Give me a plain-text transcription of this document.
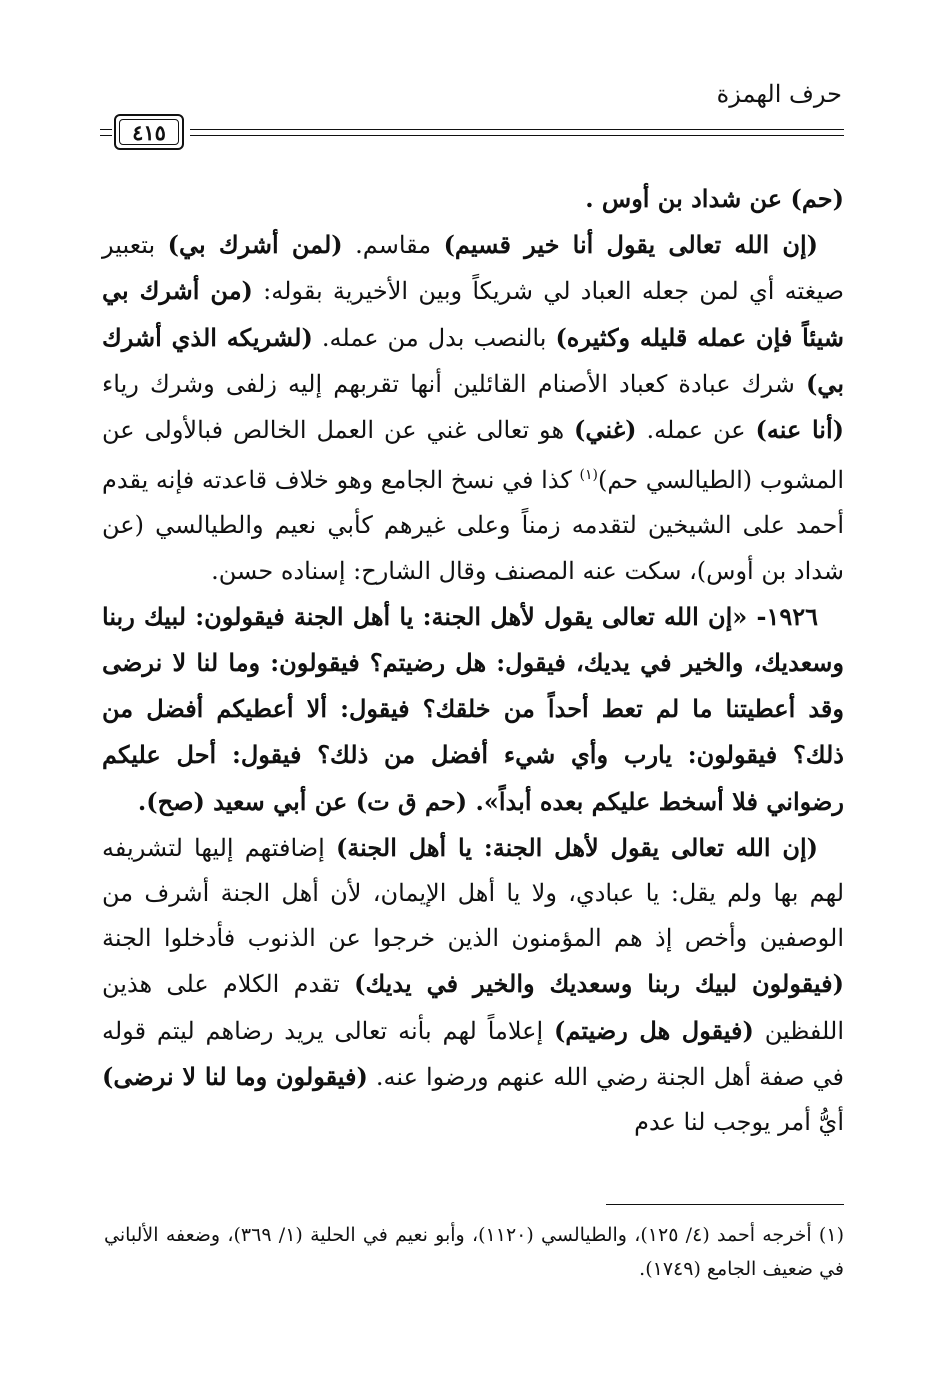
حرف الهمزة
٤١٥

(حم) عن شداد بن أوس .

(إن الله تعالى يقول أنا خير قسيم) مقاسم. (لمن أشرك بي) بتعبير صيغته أي لمن جعله العباد لي شريكاً وبين الأخيرية بقوله: (من أشرك بي شيئاً فإن عمله قليله وكثيره) بالنصب بدل من عمله. (لشريكه الذي أشرك بي) شرك عبادة كعباد الأصنام القائلين أنها تقربهم إليه زلفى وشرك رياء (أنا عنه) عن عمله. (غني) هو تعالى غني عن العمل الخالص فبالأولى عن المشوب (الطيالسي حم)$^{(١)}$ كذا في نسخ الجامع وهو خلاف قاعدته فإنه يقدم أحمد على الشيخين لتقدمه زمناً وعلى غيرهم كأبي نعيم والطيالسي (عن شداد بن أوس)، سكت عنه المصنف وقال الشارح: إسناده حسن.

١٩٢٦- «إن الله تعالى يقول لأهل الجنة: يا أهل الجنة فيقولون: لبيك ربنا وسعديك، والخير في يديك، فيقول: هل رضيتم؟ فيقولون: وما لنا لا نرضى وقد أعطيتنا ما لم تعط أحداً من خلقك؟ فيقول: ألا أعطيكم أفضل من ذلك؟ فيقولون: يارب وأي شيء أفضل من ذلك؟ فيقول: أحل عليكم رضواني فلا أسخط عليكم بعده أبداً». (حم ق ت) عن أبي سعيد (صح).

(إن الله تعالى يقول لأهل الجنة: يا أهل الجنة) إضافتهم إليها لتشريفه لهم بها ولم يقل: يا عبادي، ولا يا أهل الإيمان، لأن أهل الجنة أشرف من الوصفين وأخص إذ هم المؤمنون الذين خرجوا عن الذنوب فأدخلوا الجنة (فيقولون لبيك ربنا وسعديك والخير في يديك) تقدم الكلام على هذين اللفظين (فيقول هل رضيتم) إعلاماً لهم بأنه تعالى يريد رضاهم ليتم قوله في صفة أهل الجنة رضي الله عنهم ورضوا عنه. (فيقولون وما لنا لا نرضى) أيُّ أمر يوجب لنا عدم

(١) أخرجه أحمد (٤/ ١٢٥)، والطيالسي (١١٢٠)، وأبو نعيم في الحلية (١/ ٣٦٩)، وضعفه الألباني في ضعيف الجامع (١٧٤٩).
